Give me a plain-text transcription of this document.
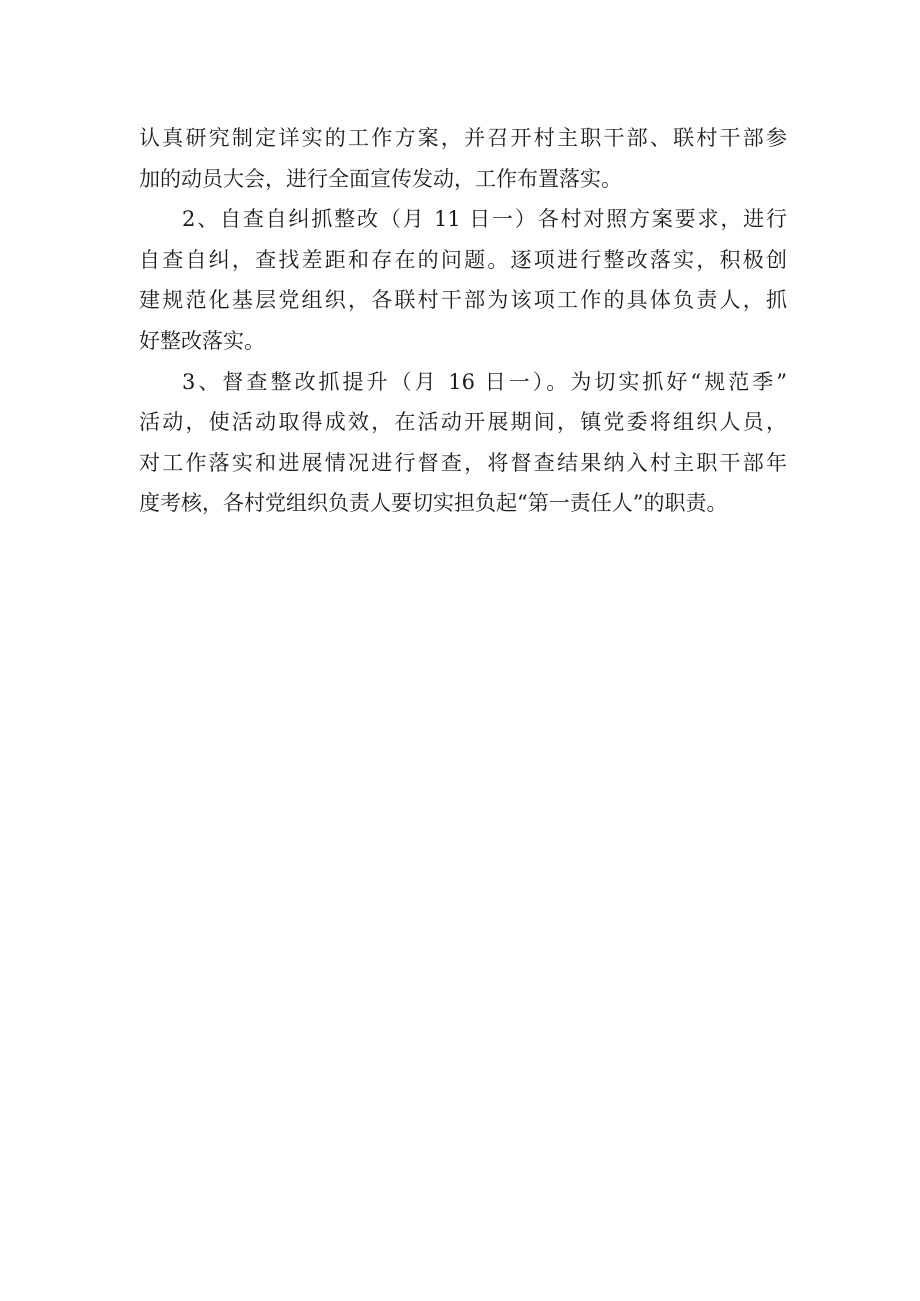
认真研究制定详实的工作方案，并召开村主职干部、联村干部参
加的动员大会，进行全面宣传发动，工作布置落实。
2、自查自纠抓整改（月 11 日一）各村对照方案要求，进行
自查自纠，查找差距和存在的问题。逐项进行整改落实，积极创
建规范化基层党组织，各联村干部为该项工作的具体负责人，抓
好整改落实。
3、督查整改抓提升（月 16 日一）。为切实抓好“规范季”
活动，使活动取得成效，在活动开展期间，镇党委将组织人员，
对工作落实和进展情况进行督查，将督查结果纳入村主职干部年
度考核，各村党组织负责人要切实担负起“第一责任人”的职责。
